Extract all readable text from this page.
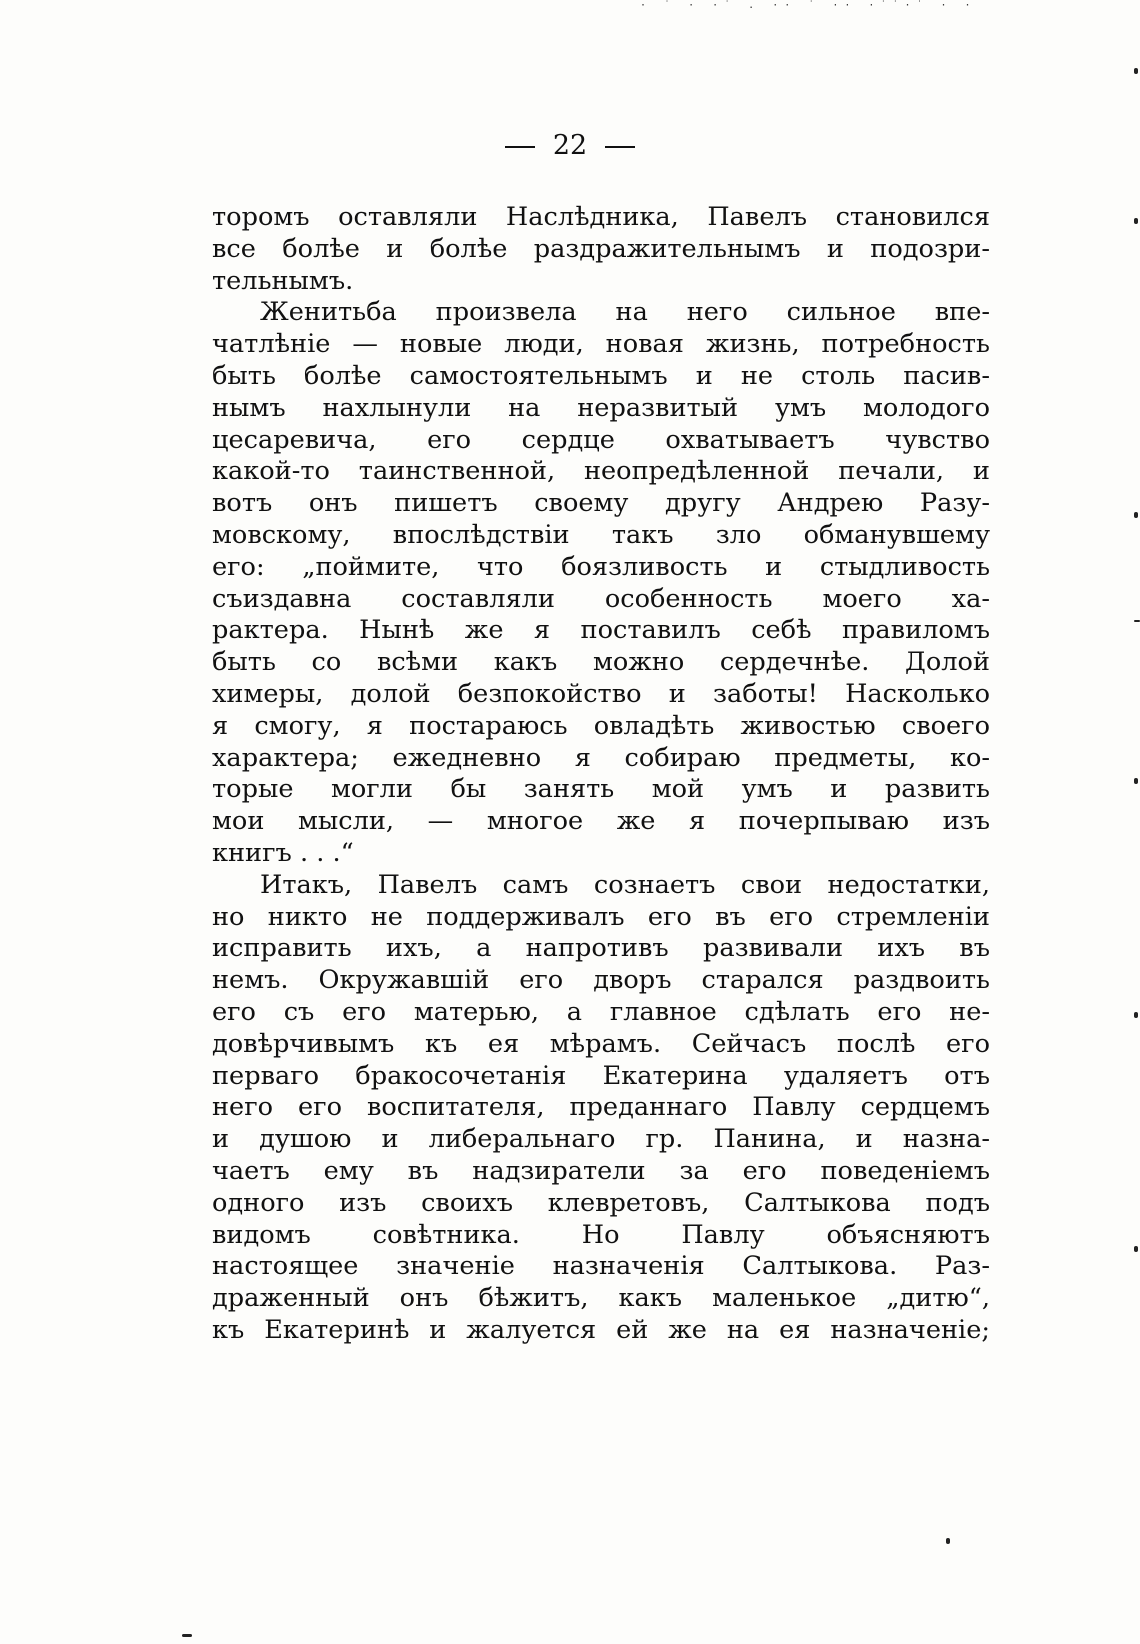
· ˙ · ·˙ . ·· ˙ ·· ·˙˙·˙ · ·
22

торомъ оставляли Наслѣдника, Павелъ становился

все болѣе и болѣе раздражительнымъ и подозри-

тельнымъ.

Женитьба произвела на него сильное впе-

чатлѣніе — новые люди, новая жизнь, потребность

быть болѣе самостоятельнымъ и не столь пасив-

нымъ нахлынули на неразвитый умъ молодого

цесаревича, его сердце охватываетъ чувство

какой-то таинственной, неопредѣленной печали, и

вотъ онъ пишетъ своему другу Андрею Разу-

мовскому, впослѣдствіи такъ зло обманувшему

его: „поймите, что боязливость и стыдливость

съиздавна составляли особенность моего ха-

рактера. Нынѣ же я поставилъ себѣ правиломъ

быть со всѣми какъ можно сердечнѣе. Долой

химеры, долой безпокойство и заботы! Насколько

я смогу, я постараюсь овладѣть живостью своего

характера; ежедневно я собираю предметы, ко-

торые могли бы занять мой умъ и развить

мои мысли, — многое же я почерпываю изъ

книгъ . . .“

Итакъ, Павелъ самъ сознаетъ свои недостатки,

но никто не поддерживалъ его въ его стремленіи

исправить ихъ, а напротивъ развивали ихъ въ

немъ. Окружавшій его дворъ старался раздвоить

его съ его матерью, а главное сдѣлать его не-

довѣрчивымъ къ ея мѣрамъ. Сейчасъ послѣ его

перваго бракосочетанія Екатерина удаляетъ отъ

него его воспитателя, преданнаго Павлу сердцемъ

и душою и либеральнаго гр. Панина, и назна-

чаетъ ему въ надзиратели за его поведеніемъ

одного изъ своихъ клевретовъ, Салтыкова подъ

видомъ совѣтника. Но Павлу объясняютъ

настоящее значеніе назначенія Салтыкова. Раз-

драженный онъ бѣжитъ, какъ маленькое „дитю“,

къ Екатеринѣ и жалуется ей же на ея назначеніе;
